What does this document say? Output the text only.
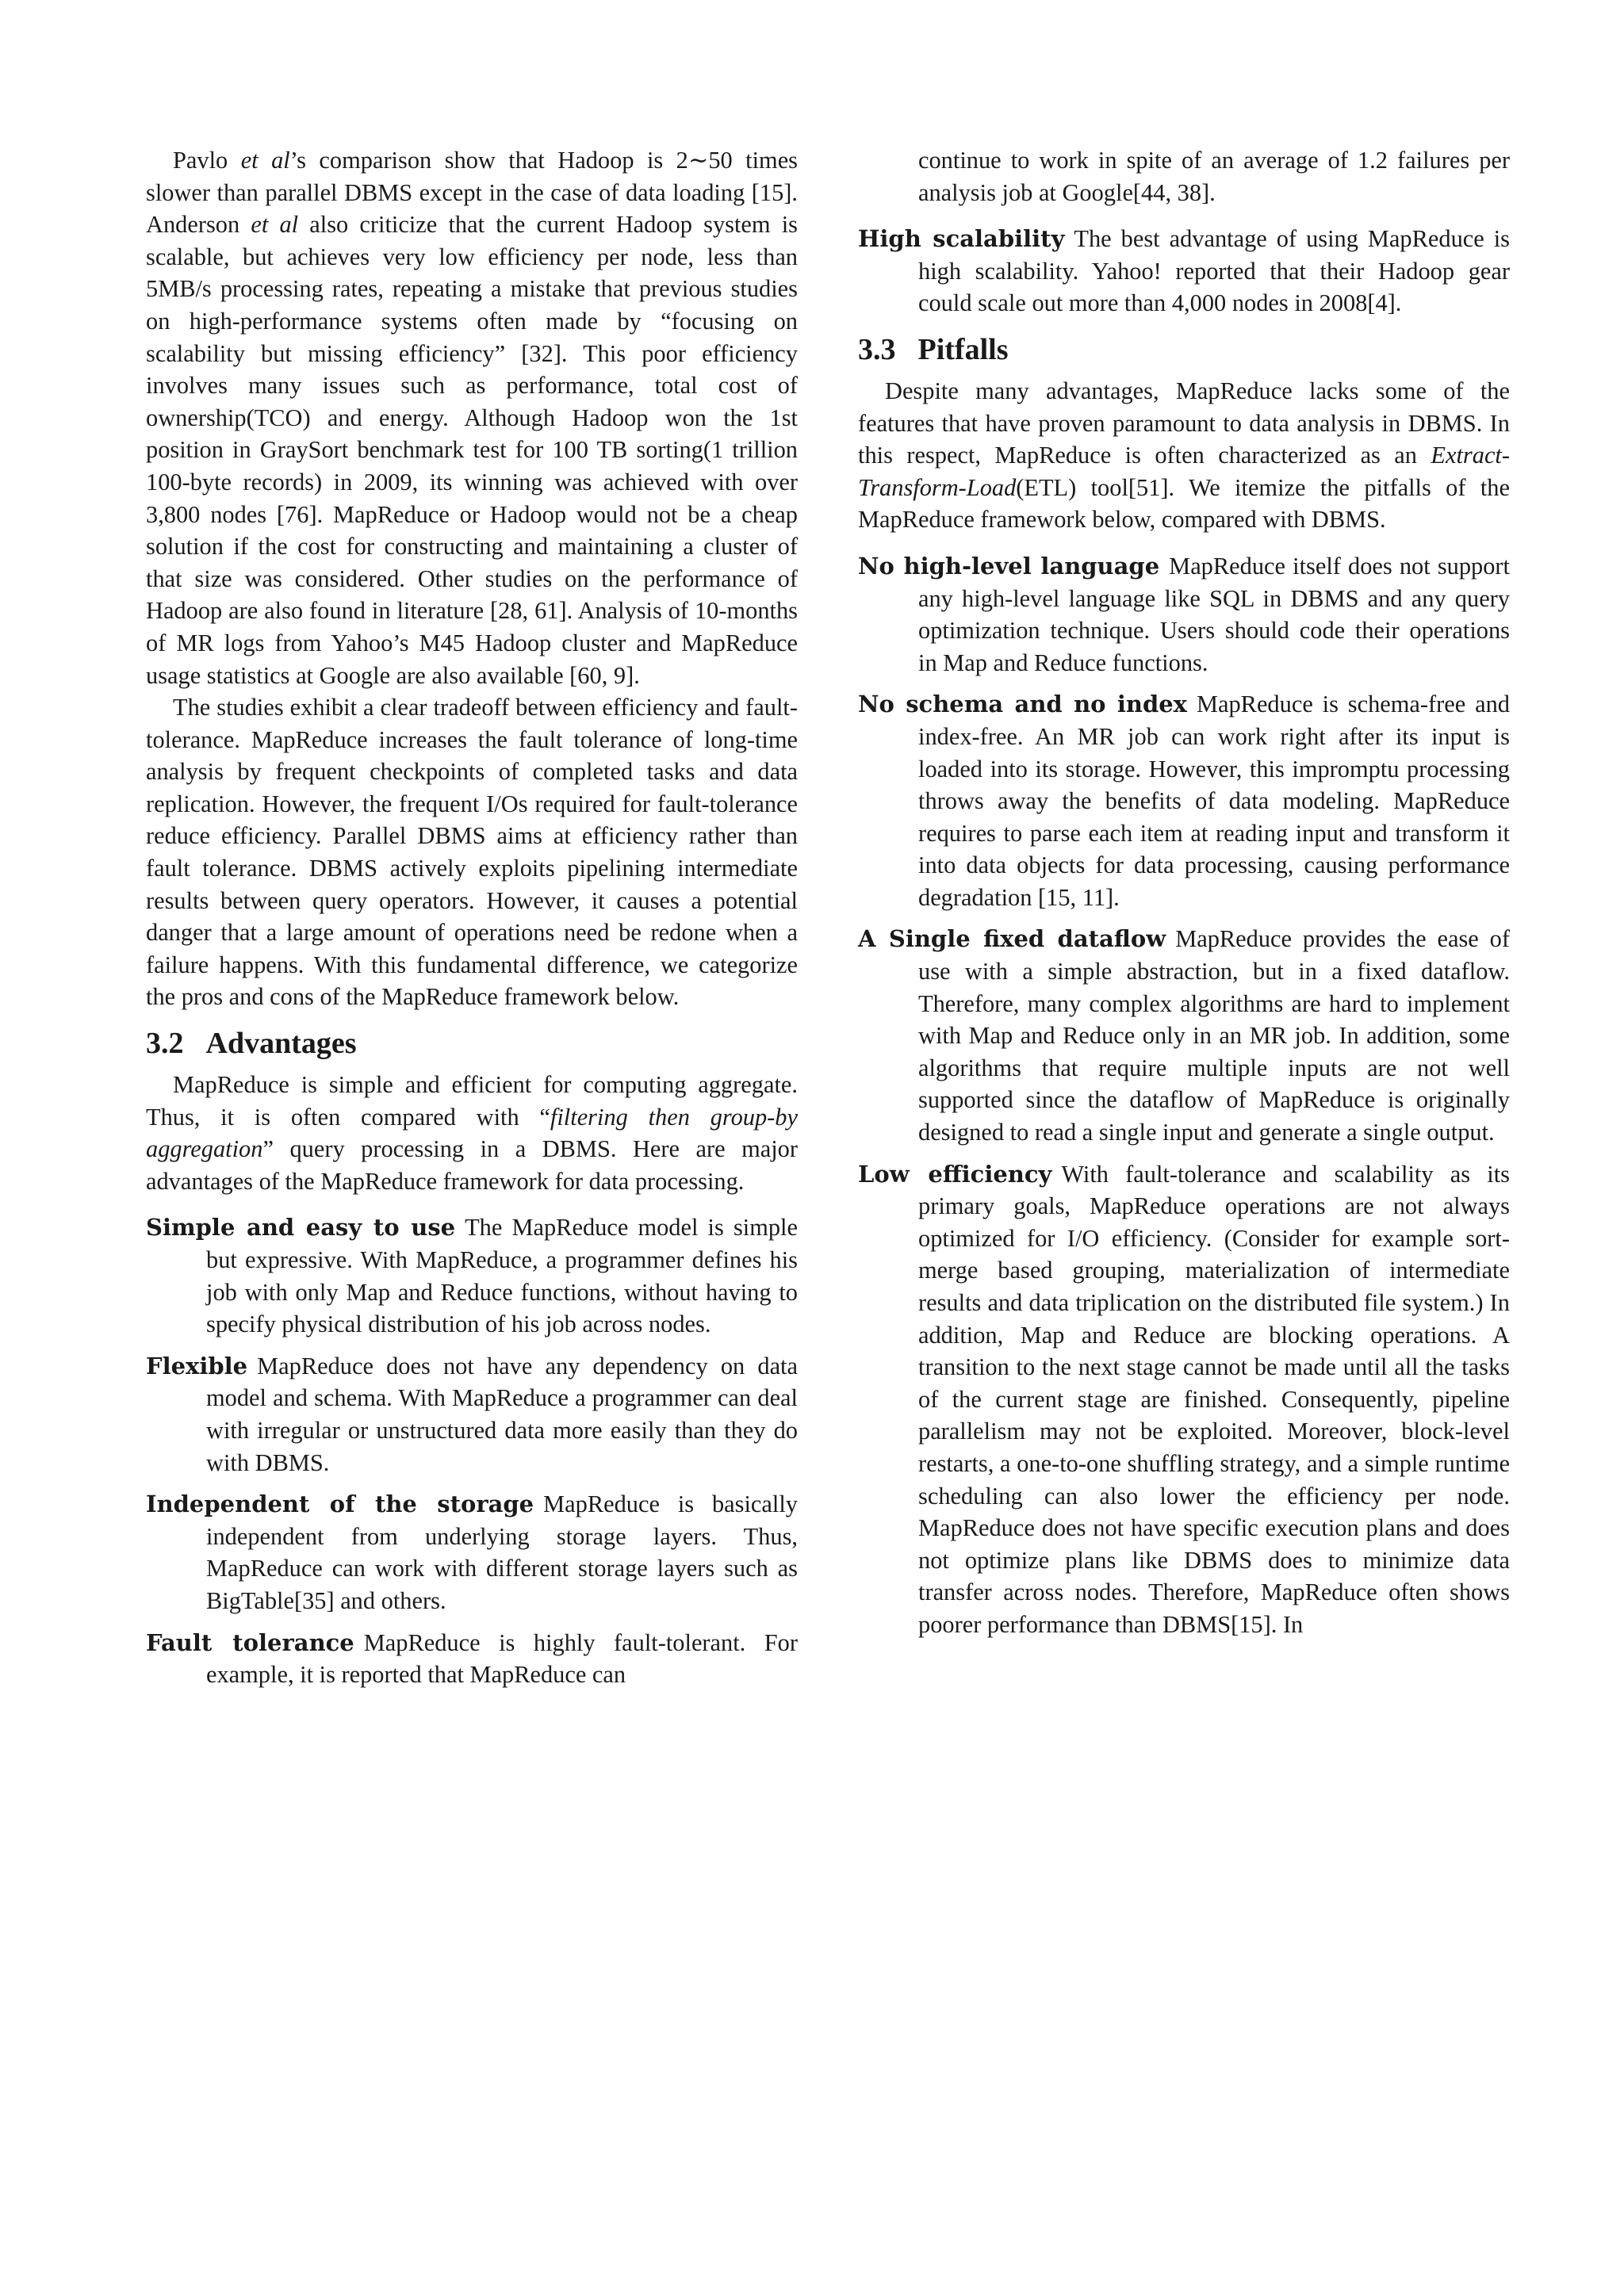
Pavlo et al’s comparison show that Hadoop is 2∼50 times slower than parallel DBMS except in the case of data loading [15]. Anderson et al also criticize that the current Hadoop system is scalable, but achieves very low efficiency per node, less than 5MB/s processing rates, repeating a mistake that previous studies on high-performance systems often made by “focusing on scalability but missing efficiency” [32]. This poor efficiency involves many issues such as performance, total cost of ownership(TCO) and energy. Although Hadoop won the 1st position in GraySort benchmark test for 100 TB sorting(1 trillion 100-byte records) in 2009, its winning was achieved with over 3,800 nodes [76]. MapReduce or Hadoop would not be a cheap solution if the cost for constructing and maintaining a cluster of that size was considered. Other studies on the performance of Hadoop are also found in literature [28, 61]. Analysis of 10-months of MR logs from Yahoo’s M45 Hadoop cluster and MapReduce usage statistics at Google are also available [60, 9].

The studies exhibit a clear tradeoff between efficiency and fault-tolerance. MapReduce increases the fault tolerance of long-time analysis by frequent checkpoints of completed tasks and data replication. However, the frequent I/Os required for fault-tolerance reduce efficiency. Parallel DBMS aims at efficiency rather than fault tolerance. DBMS actively exploits pipelining intermediate results between query operators. However, it causes a potential danger that a large amount of operations need be redone when a failure happens. With this fundamental difference, we categorize the pros and cons of the MapReduce framework below.

3.2 Advantages

MapReduce is simple and efficient for computing aggregate. Thus, it is often compared with “filtering then group-by aggregation” query processing in a DBMS. Here are major advantages of the MapReduce framework for data processing.

Simple and easy to use The MapReduce model is simple but expressive. With MapReduce, a programmer defines his job with only Map and Reduce functions, without having to specify physical distribution of his job across nodes.
Flexible MapReduce does not have any dependency on data model and schema. With MapReduce a programmer can deal with irregular or unstructured data more easily than they do with DBMS.
Independent of the storage MapReduce is basically independent from underlying storage layers. Thus, MapReduce can work with different storage layers such as BigTable[35] and others.
Fault tolerance MapReduce is highly fault-tolerant. For example, it is reported that MapReduce can
continue to work in spite of an average of 1.2 failures per analysis job at Google[44, 38].
High scalability The best advantage of using MapReduce is high scalability. Yahoo! reported that their Hadoop gear could scale out more than 4,000 nodes in 2008[4].
3.3 Pitfalls

Despite many advantages, MapReduce lacks some of the features that have proven paramount to data analysis in DBMS. In this respect, MapReduce is often characterized as an Extract-Transform-Load(ETL) tool[51]. We itemize the pitfalls of the MapReduce framework below, compared with DBMS.

No high-level language MapReduce itself does not support any high-level language like SQL in DBMS and any query optimization technique. Users should code their operations in Map and Reduce functions.
No schema and no index MapReduce is schema-free and index-free. An MR job can work right after its input is loaded into its storage. However, this impromptu processing throws away the benefits of data modeling. MapReduce requires to parse each item at reading input and transform it into data objects for data processing, causing performance degradation [15, 11].
A Single fixed dataflow MapReduce provides the ease of use with a simple abstraction, but in a fixed dataflow. Therefore, many complex algorithms are hard to implement with Map and Reduce only in an MR job. In addition, some algorithms that require multiple inputs are not well supported since the dataflow of MapReduce is originally designed to read a single input and generate a single output.
Low efficiency With fault-tolerance and scalability as its primary goals, MapReduce operations are not always optimized for I/O efficiency. (Consider for example sort-merge based grouping, materialization of intermediate results and data triplication on the distributed file system.) In addition, Map and Reduce are blocking operations. A transition to the next stage cannot be made until all the tasks of the current stage are finished. Consequently, pipeline parallelism may not be exploited. Moreover, block-level restarts, a one-to-one shuffling strategy, and a simple runtime scheduling can also lower the efficiency per node. MapReduce does not have specific execution plans and does not optimize plans like DBMS does to minimize data transfer across nodes. Therefore, MapReduce often shows poorer performance than DBMS[15]. In
